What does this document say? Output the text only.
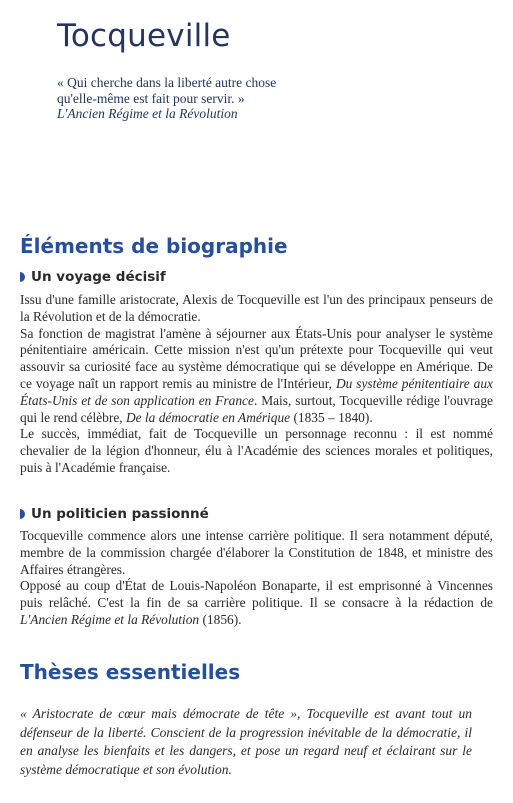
Tocqueville
« Qui cherche dans la liberté autre chose
qu'elle-même est fait pour servir. »
L'Ancien Régime et la Révolution
Éléments de biographie
Un voyage décisif

Issu d'une famille aristocrate, Alexis de Tocqueville est l'un des principaux penseurs de la Révolution et de la démocratie.

Sa fonction de magistrat l'amène à séjourner aux États-Unis pour analyser le système pénitentiaire américain. Cette mission n'est qu'un prétexte pour Tocqueville qui veut assouvir sa curiosité face au système démocratique qui se développe en Amérique. De ce voyage naît un rapport remis au ministre de l'Intérieur, Du système pénitentiaire aux États-Unis et de son application en France. Mais, surtout, Tocqueville rédige l'ouvrage qui le rend célèbre, De la démocratie en Amérique (1835 – 1840).

Le succès, immédiat, fait de Tocqueville un personnage reconnu : il est nommé chevalier de la légion d'honneur, élu à l'Académie des sciences morales et politiques, puis à l'Académie française.

Un politicien passionné

Tocqueville commence alors une intense carrière politique. Il sera notamment député, membre de la commission chargée d'élaborer la Constitution de 1848, et ministre des Affaires étrangères.

Opposé au coup d'État de Louis-Napoléon Bonaparte, il est emprisonné à Vincennes puis relâché. C'est la fin de sa carrière politique. Il se consacre à la rédaction de L'Ancien Régime et la Révolution (1856).

Thèses essentielles
« Aristocrate de cœur mais démocrate de tête », Tocqueville est avant tout un défenseur de la liberté. Conscient de la progression inévitable de la démocratie, il en analyse les bienfaits et les dangers, et pose un regard neuf et éclairant sur le système démocratique et son évolution.
